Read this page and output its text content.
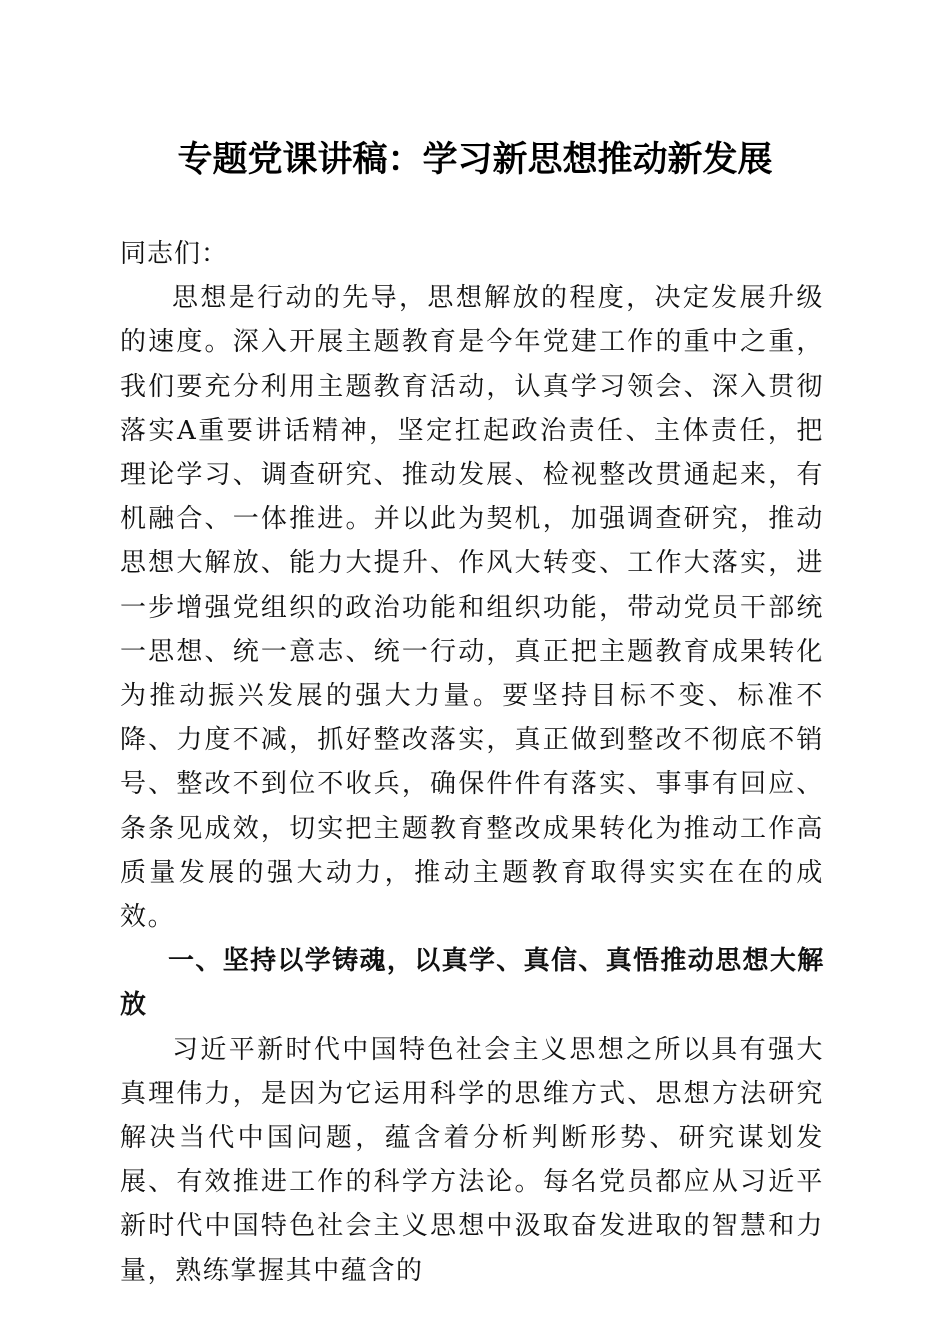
专题党课讲稿：学习新思想推动新发展

同志们：

思想是行动的先导，思想解放的程度，决定发展升级的速度。深入开展主题教育是今年党建工作的重中之重，我们要充分利用主题教育活动，认真学习领会、深入贯彻落实A重要讲话精神，坚定扛起政治责任、主体责任，把理论学习、调查研究、推动发展、检视整改贯通起来，有机融合、一体推进。并以此为契机，加强调查研究，推动思想大解放、能力大提升、作风大转变、工作大落实，进一步增强党组织的政治功能和组织功能，带动党员干部统一思想、统一意志、统一行动，真正把主题教育成果转化为推动振兴发展的强大力量。要坚持目标不变、标准不降、力度不减，抓好整改落实，真正做到整改不彻底不销号、整改不到位不收兵，确保件件有落实、事事有回应、条条见成效，切实把主题教育整改成果转化为推动工作高质量发展的强大动力，推动主题教育取得实实在在的成效。

一、坚持以学铸魂，以真学、真信、真悟推动思想大解放

习近平新时代中国特色社会主义思想之所以具有强大真理伟力，是因为它运用科学的思维方式、思想方法研究解决当代中国问题，蕴含着分析判断形势、研究谋划发展、有效推进工作的科学方法论。每名党员都应从习近平新时代中国特色社会主义思想中汲取奋发进取的智慧和力量，熟练掌握其中蕴含的
